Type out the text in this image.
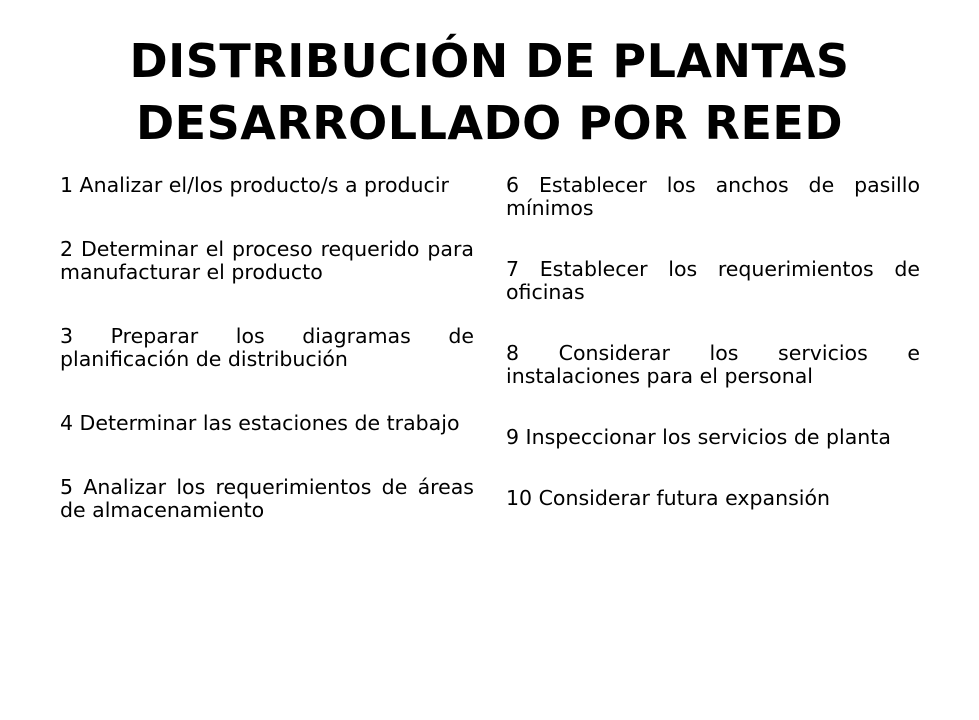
DISTRIBUCIÓN DE PLANTAS
DESARROLLADO POR REED

1 Analizar el/los producto/s a producir

2 Determinar el proceso requerido para manufacturar el producto

3 Preparar los diagramas de planificación de distribución

4 Determinar las estaciones de trabajo

5 Analizar los requerimientos de áreas de almacenamiento

6 Establecer los anchos de pasillo mínimos

7 Establecer los requerimientos de oficinas

8 Considerar los servicios e instalaciones para el personal

9 Inspeccionar los servicios de planta

10 Considerar futura expansión
